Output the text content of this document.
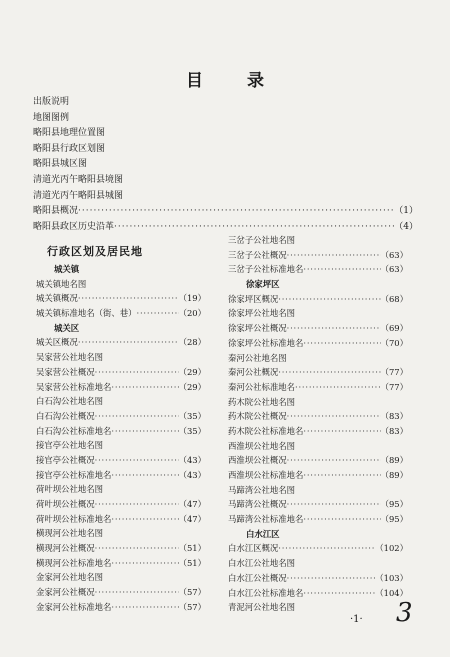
目	录
出版说明
地图图例
略阳县地理位置图
略阳县行政区划图
略阳县城区图
清道光丙午略阳县境图
清道光丙午略阳县城图
略阳县概况 ·····	（1）
略阳县政区历史沿革 ·····	（4）
行政区划及居民地
城关镇
城关镇地名图
城关镇概况 ·····	（19）
城关镇标准地名（街、巷） ·····	（20）
城关区
城关区概况 ·····	（28）
吴家营公社地名图
吴家营公社概况 ·····	（29）
吴家营公社标准地名 ·····	（29）
白石沟公社地名图
白石沟公社概况 ·····	（35）
白石沟公社标准地名 ·····	（35）
接官亭公社地名图
接官亭公社概况 ·····	（43）
接官亭公社标准地名 ·····	（43）
荷叶坝公社地名图
荷叶坝公社概况 ·····	（47）
荷叶坝公社标准地名 ·····	（47）
横现河公社地名图
横现河公社概况 ·····	（51）
横现河公社标准地名 ·····	（51）
金家河公社地名图
金家河公社概况 ·····	（57）
金家河公社标准地名 ·····	（57）
三岔子公社地名图
三岔子公社概况 ·····	（63）
三岔子公社标准地名 ·····	（63）
徐家坪区
徐家坪区概况 ·····	（68）
徐家坪公社地名图
徐家坪公社概况 ·····	（69）
徐家坪公社标准地名 ·····	（70）
秦河公社地名图
秦河公社概况 ·····	（77）
秦河公社标准地名 ·····	（77）
药木院公社地名图
药木院公社概况 ·····	（83）
药木院公社标准地名 ·····	（83）
西淮坝公社地名图
西淮坝公社概况 ·····	（89）
西淮坝公社标准地名 ·····	（89）
马蹄湾公社地名图
马蹄湾公社概况 ·····	（95）
马蹄湾公社标准地名 ·····	（95）
白水江区
白水江区概况 ·····	（102）
白水江公社地名图
白水江公社概况 ·····	（103）
白水江公社标准地名 ·····	（104）
青泥河公社地名图
·1· 3
